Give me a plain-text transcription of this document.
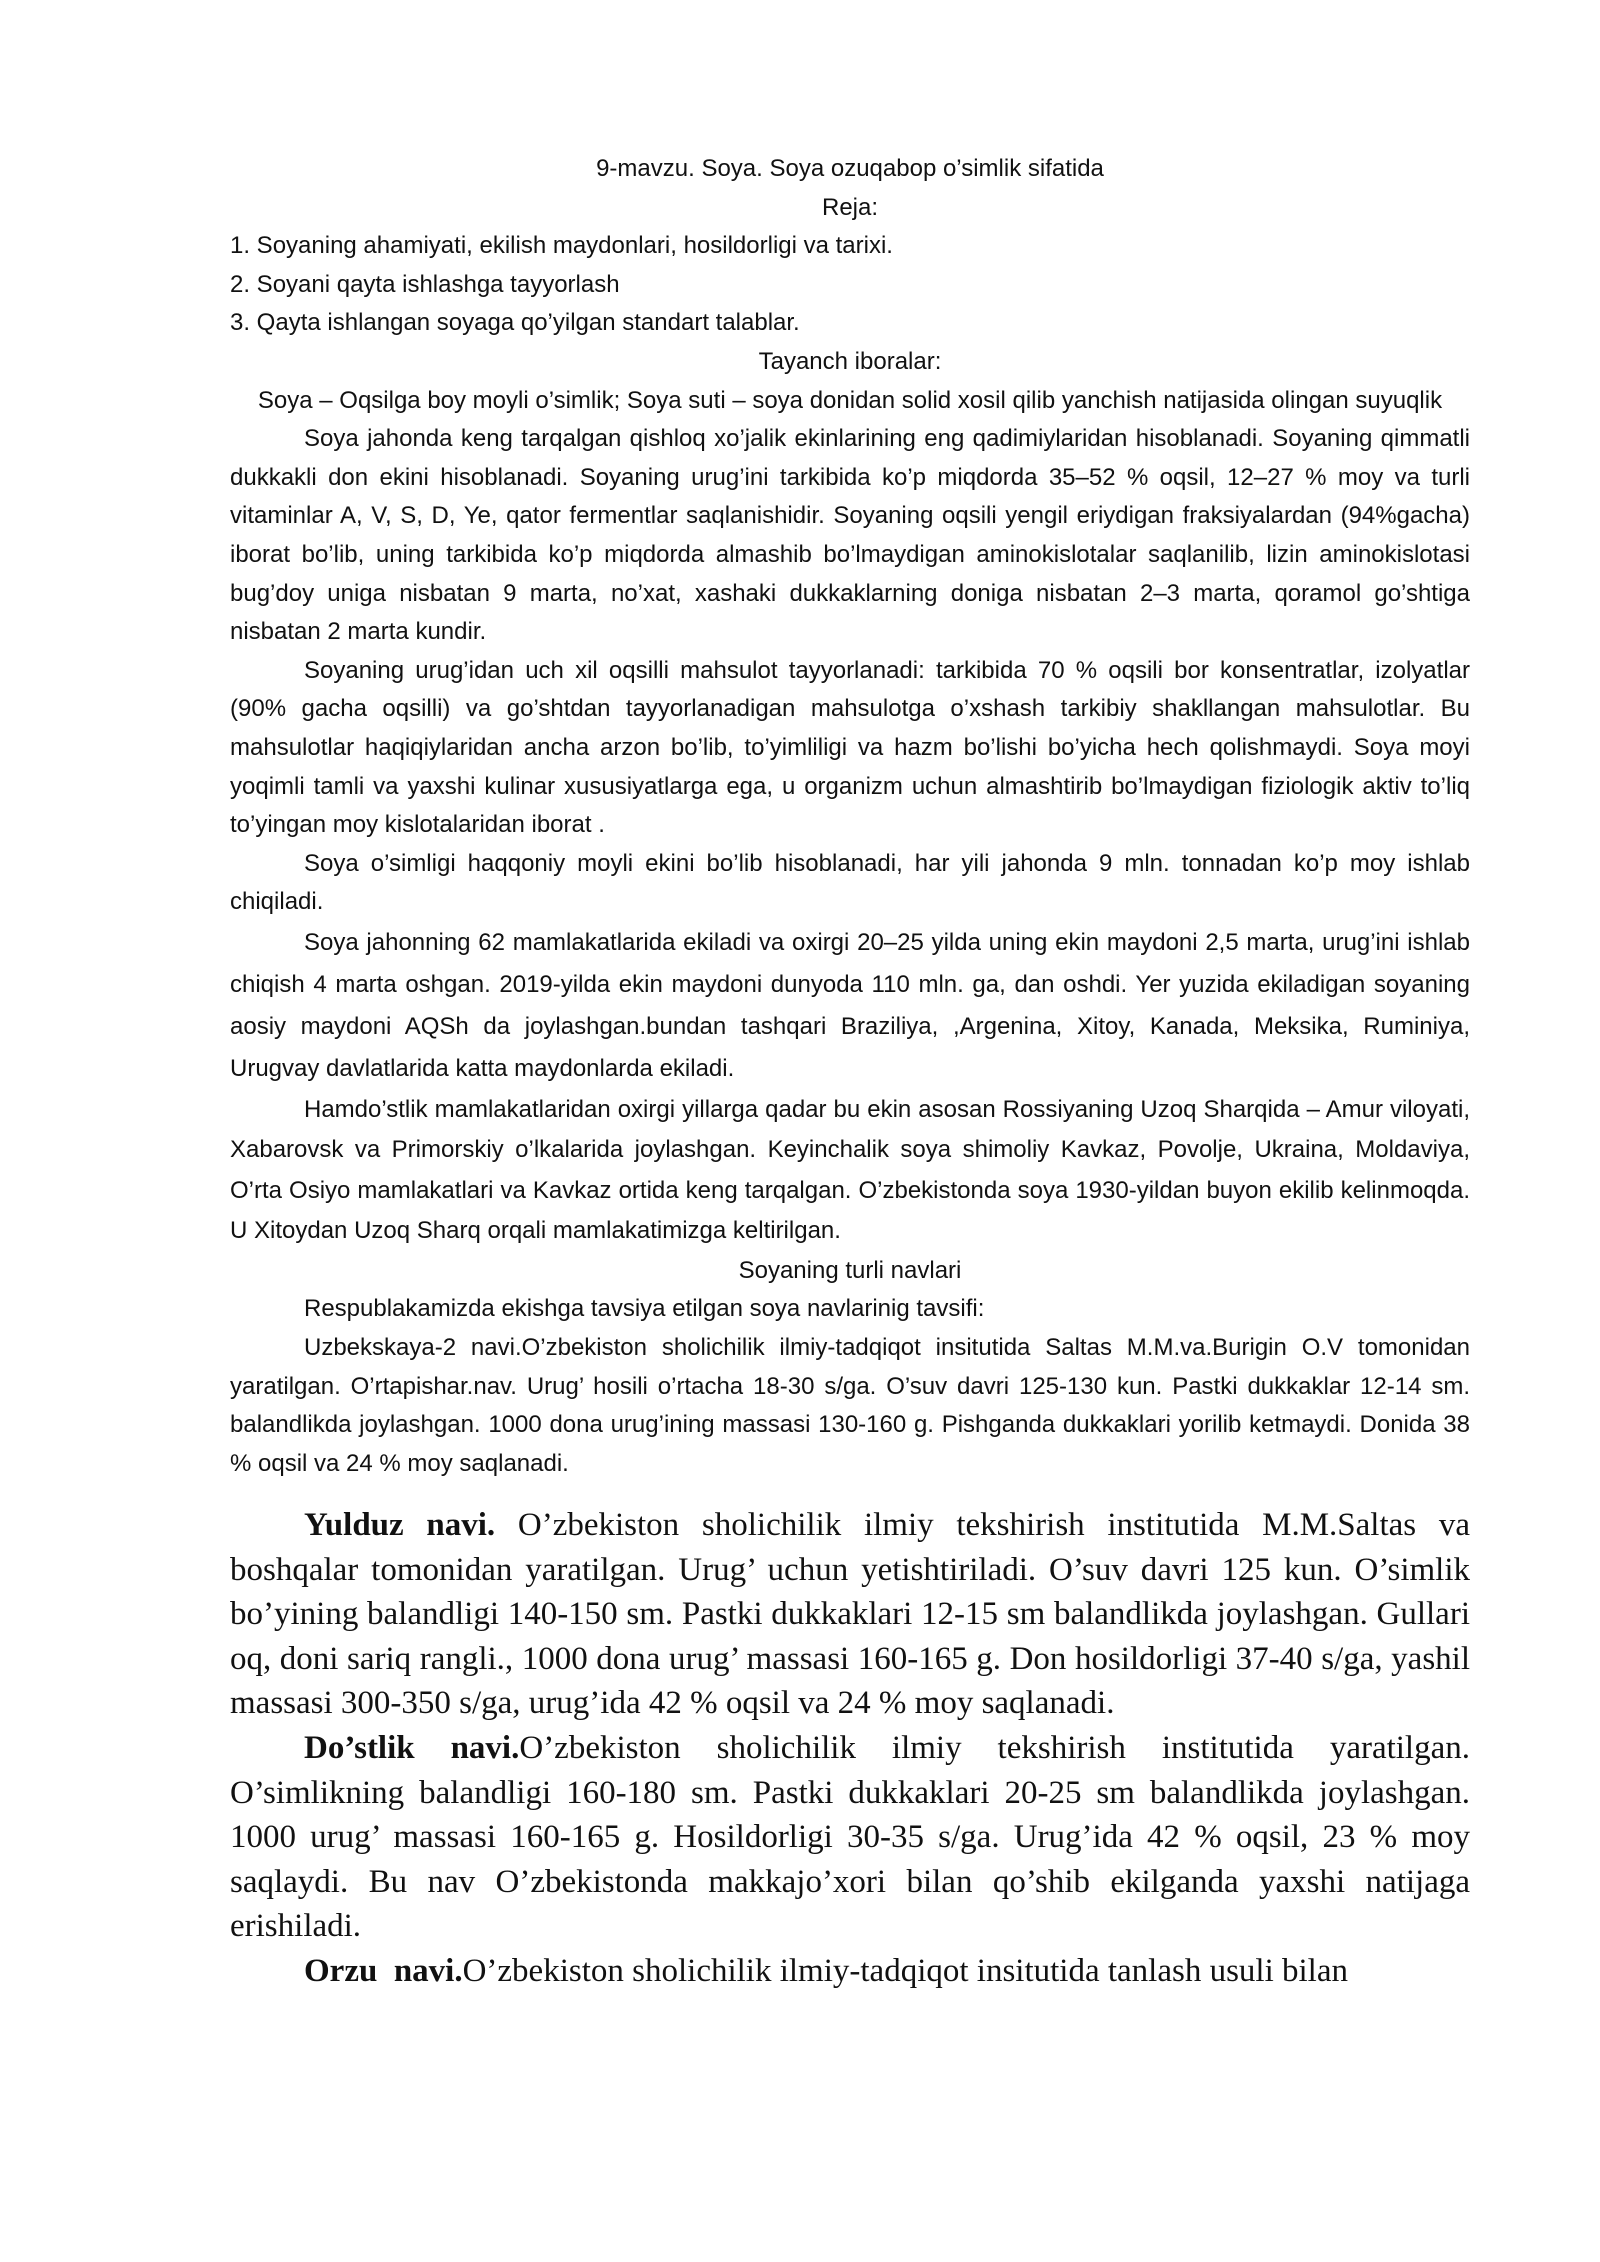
9-mavzu. Soya. Soya ozuqabop o’simlik sifatida

Reja:

1. Soyaning ahamiyati, ekilish maydonlari, hosildorligi va tarixi.

2. Soyani qayta ishlashga tayyorlash

3. Qayta ishlangan soyaga qo’yilgan standart talablar.

Tayanch iboralar:

Soya – Oqsilga boy moyli o’simlik; Soya suti – soya donidan solid xosil qilib yanchish natijasida olingan suyuqlik

Soya jahonda keng tarqalgan qishloq xo’jalik ekinlarining eng qadimiylaridan hisoblanadi. Soyaning qimmatli dukkakli don ekini hisoblanadi. Soyaning urug’ini tarkibida ko’p miqdorda 35–52 % oqsil, 12–27 % moy va turli vitaminlar A, V, S, D, Ye, qator fermentlar saqlanishidir. Soyaning oqsili yengil eriydigan fraksiyalardan (94%gacha) iborat bo’lib, uning tarkibida ko’p miqdorda almashib bo’lmaydigan aminokislotalar saqlanilib, lizin aminokislotasi bug’doy uniga nisbatan 9 marta, no’xat, xashaki dukkaklarning doniga nisbatan 2–3 marta, qoramol go’shtiga nisbatan 2 marta kundir.

Soyaning urug’idan uch xil oqsilli mahsulot tayyorlanadi: tarkibida 70 % oqsili bor konsentratlar, izolyatlar (90% gacha oqsilli) va go’shtdan tayyorlanadigan mahsulotga o’xshash tarkibiy shakllangan mahsulotlar. Bu mahsulotlar haqiqiylaridan ancha arzon bo’lib, to’yimliligi va hazm bo’lishi bo’yicha hech qolishmaydi. Soya moyi yoqimli tamli va yaxshi kulinar xususiyatlarga ega, u organizm uchun almashtirib bo’lmaydigan fiziologik aktiv to’liq to’yingan moy kislotalaridan iborat .

Soya o’simligi haqqoniy moyli ekini bo’lib hisoblanadi, har yili jahonda 9 mln. tonnadan ko’p moy ishlab chiqiladi.

Soya jahonning 62 mamlakatlarida ekiladi va oxirgi 20–25 yilda uning ekin maydoni 2,5 marta, urug’ini ishlab chiqish 4 marta oshgan. 2019-yilda ekin maydoni dunyoda 110 mln. ga, dan oshdi. Yer yuzida ekiladigan soyaning aosiy maydoni AQSh da joylashgan.bundan tashqari Braziliya, ,Argenina, Xitoy, Kanada, Meksika, Ruminiya, Urugvay davlatlarida katta maydonlarda ekiladi.

Hamdo’stlik mamlakatlaridan oxirgi yillarga qadar bu ekin asosan Rossiyaning Uzoq Sharqida – Amur viloyati, Xabarovsk va Primorskiy o’lkalarida joylashgan. Keyinchalik soya shimoliy Kavkaz, Povolje, Ukraina, Moldaviya, O’rta Osiyo mamlakatlari va Kavkaz ortida keng tarqalgan. O’zbekistonda soya 1930-yildan buyon ekilib kelinmoqda. U Xitoydan Uzoq Sharq orqali mamlakatimizga keltirilgan.

Soyaning turli navlari

Respublakamizda ekishga tavsiya etilgan soya navlarinig tavsifi:

Uzbekskaya-2 navi.O’zbekiston sholichilik ilmiy-tadqiqot insitutida Saltas M.M.va.Burigin O.V tomonidan yaratilgan. O’rtapishar.nav. Urug’ hosili o’rtacha 18-30 s/ga. O’suv davri 125-130 kun. Pastki dukkaklar 12-14 sm. balandlikda joylashgan. 1000 dona urug’ining massasi 130-160 g. Pishganda dukkaklari yorilib ketmaydi. Donida 38 % oqsil va 24 % moy saqlanadi.

Yulduz navi. O’zbekiston sholichilik ilmiy tekshirish institutida M.M.Saltas va boshqalar tomonidan yaratilgan. Urug’ uchun yetishtiriladi. O’suv davri 125 kun. O’simlik bo’yining balandligi 140-150 sm. Pastki dukkaklari 12-15 sm balandlikda joylashgan. Gullari oq, doni sariq rangli., 1000 dona urug’ massasi 160-165 g. Don hosildorligi 37-40 s/ga, yashil massasi 300-350 s/ga, urug’ida 42 % oqsil va 24 % moy saqlanadi.

Do’stlik navi.O’zbekiston sholichilik ilmiy tekshirish institutida yaratilgan. O’simlikning balandligi 160-180 sm. Pastki dukkaklari 20-25 sm balandlikda joylashgan. 1000 urug’ massasi 160-165 g. Hosildorligi 30-35 s/ga. Urug’ida 42 % oqsil, 23 % moy saqlaydi. Bu nav O’zbekistonda makkajo’xori bilan qo’shib ekilganda yaxshi natijaga erishiladi.

Orzu  navi.O’zbekiston sholichilik ilmiy-tadqiqot insitutida tanlash usuli bilan
